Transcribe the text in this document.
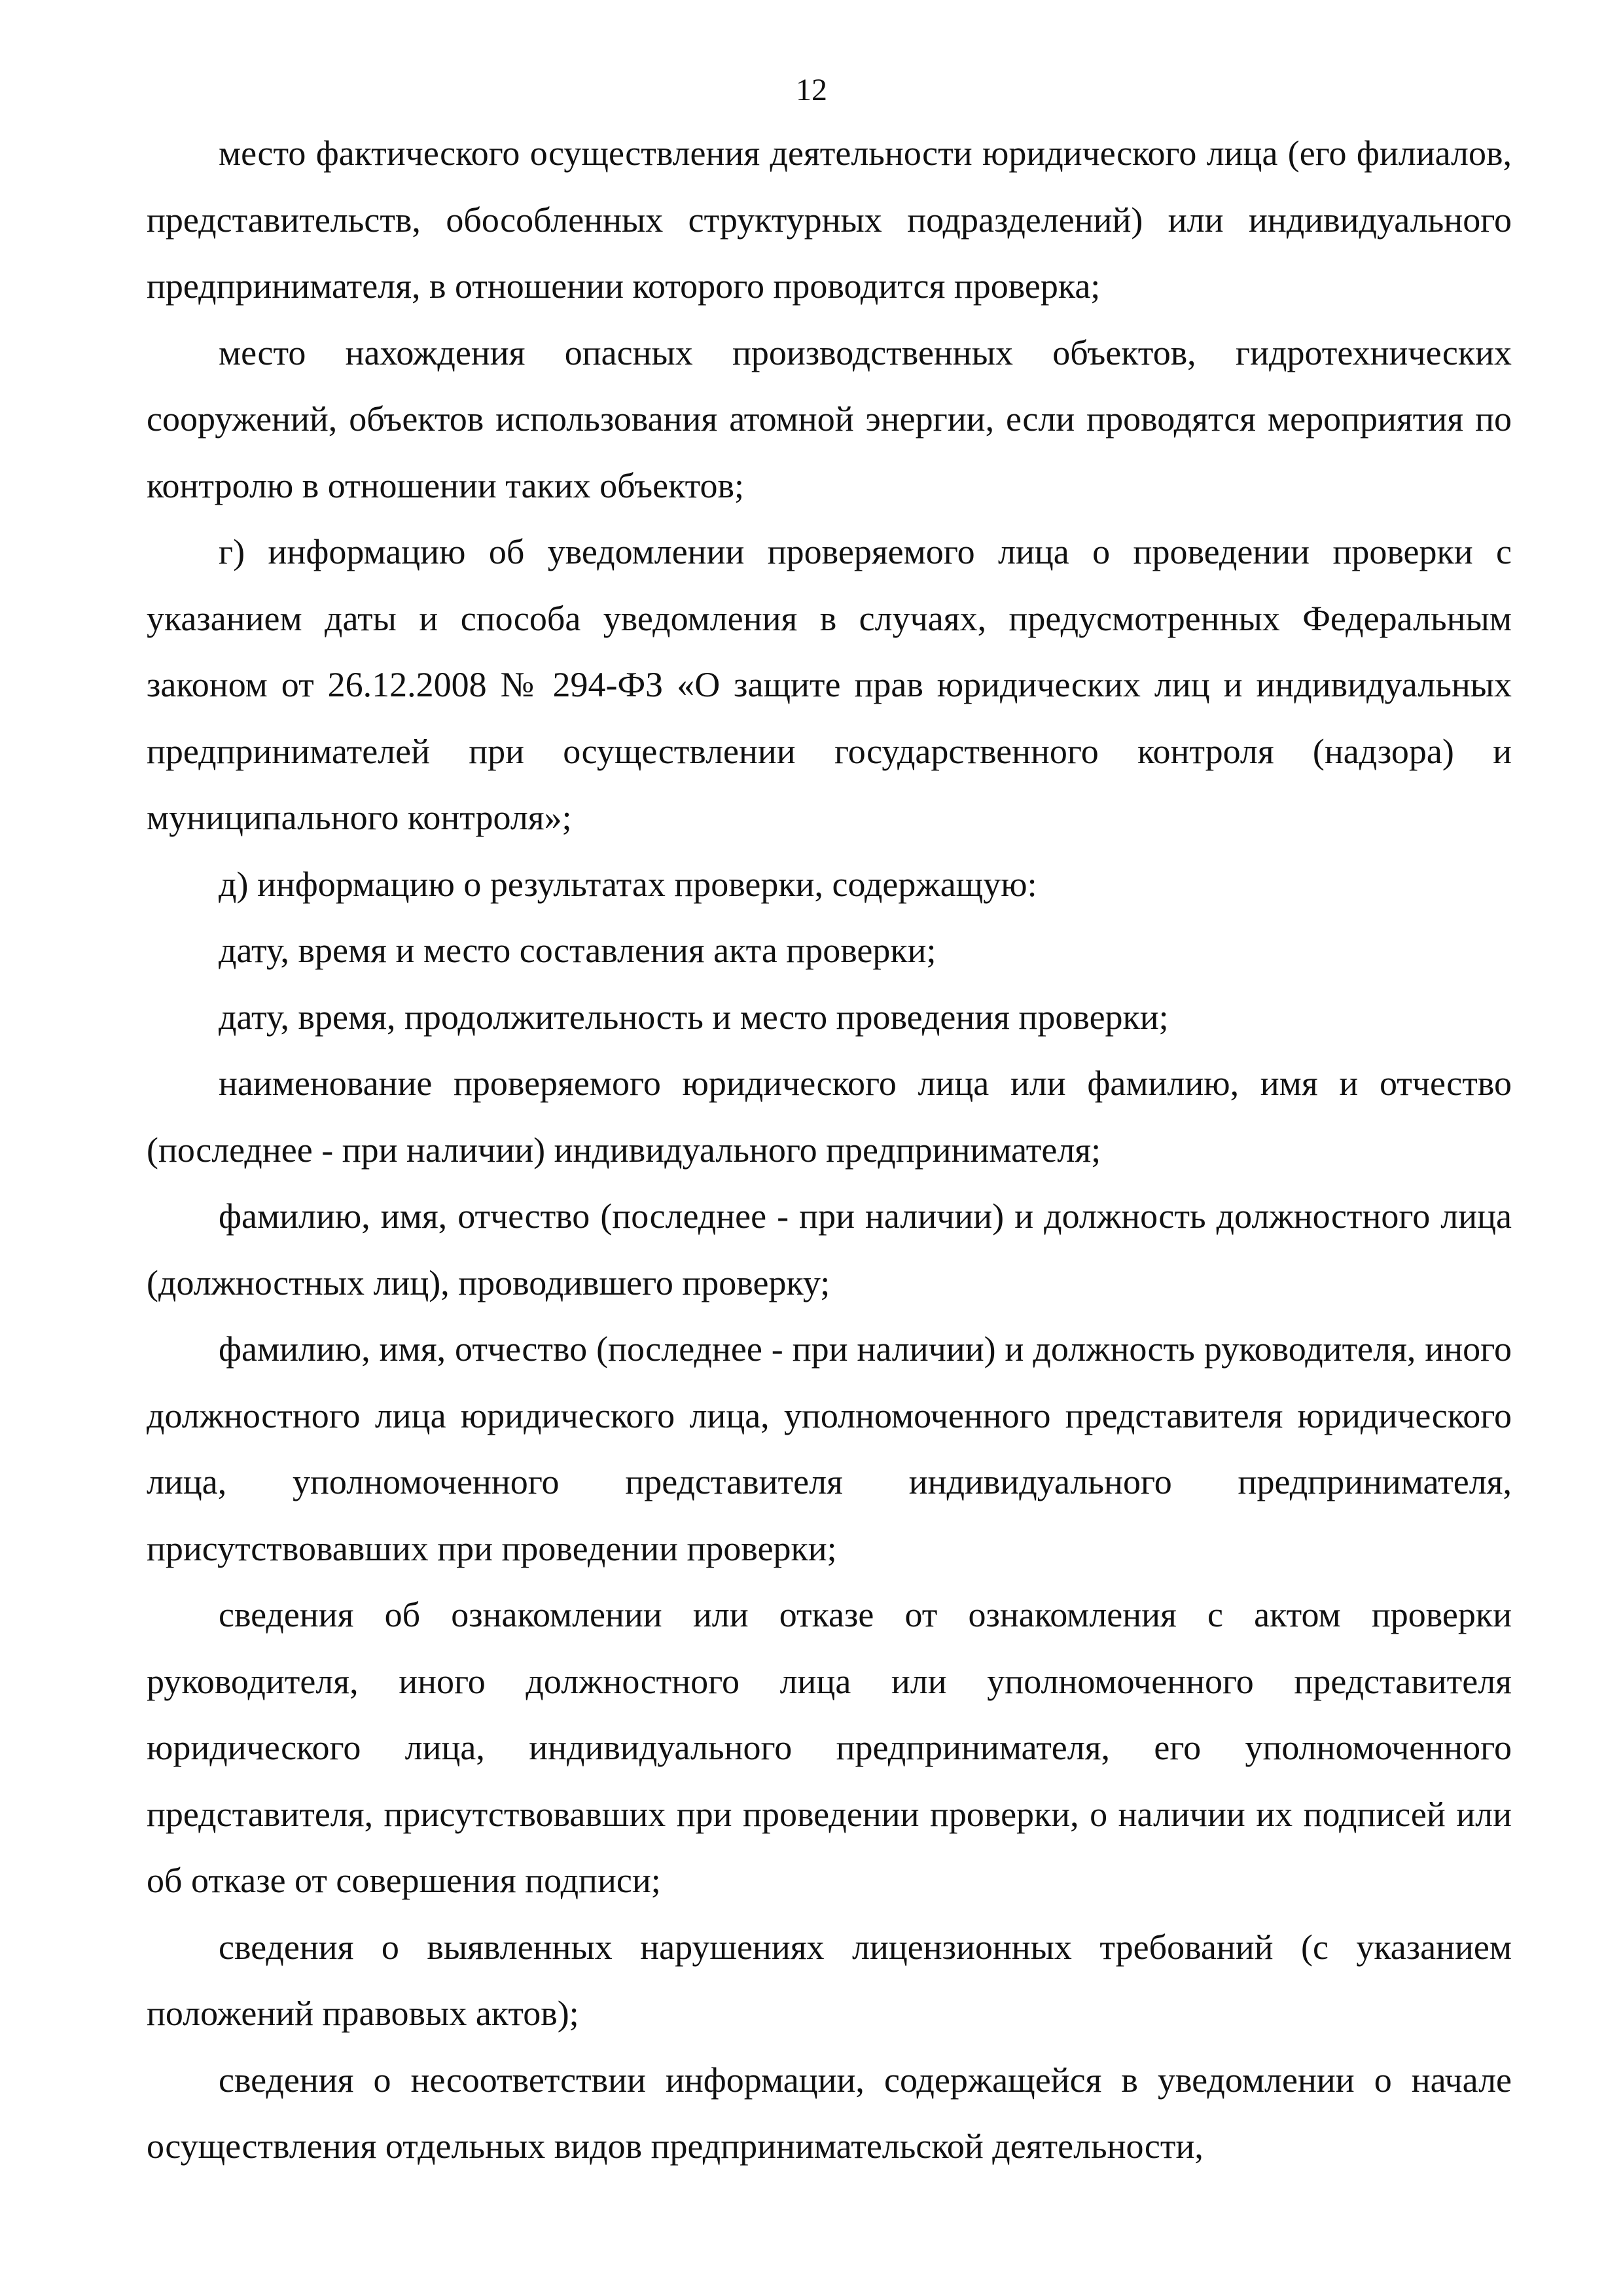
12

место фактического осуществления деятельности юридического лица (его филиалов, представительств, обособленных структурных подразделений) или индивидуального предпринимателя, в отношении которого проводится проверка;

место нахождения опасных производственных объектов, гидротехнических сооружений, объектов использования атомной энергии, если проводятся мероприятия по контролю в отношении таких объектов;

г) информацию об уведомлении проверяемого лица о проведении проверки с указанием даты и способа уведомления в случаях, предусмотренных Федеральным законом от 26.12.2008 № 294-ФЗ «О защите прав юридических лиц и индивидуальных предпринимателей при осуществлении государственного контроля (надзора) и муниципального контроля»;

д) информацию о результатах проверки, содержащую:

дату, время и место составления акта проверки;

дату, время, продолжительность и место проведения проверки;

наименование проверяемого юридического лица или фамилию, имя и отчество (последнее - при наличии) индивидуального предпринимателя;

фамилию, имя, отчество (последнее - при наличии) и должность должностного лица (должностных лиц), проводившего проверку;

фамилию, имя, отчество (последнее - при наличии) и должность руководителя, иного должностного лица юридического лица, уполномоченного представителя юридического лица, уполномоченного представителя индивидуального предпринимателя, присутствовавших при проведении проверки;

сведения об ознакомлении или отказе от ознакомления с актом проверки руководителя, иного должностного лица или уполномоченного представителя юридического лица, индивидуального предпринимателя, его уполномоченного представителя, присутствовавших при проведении проверки, о наличии их подписей или об отказе от совершения подписи;

сведения о выявленных нарушениях лицензионных требований (с указанием положений правовых актов);

сведения о несоответствии информации, содержащейся в уведомлении о начале осуществления отдельных видов предпринимательской деятельности,
